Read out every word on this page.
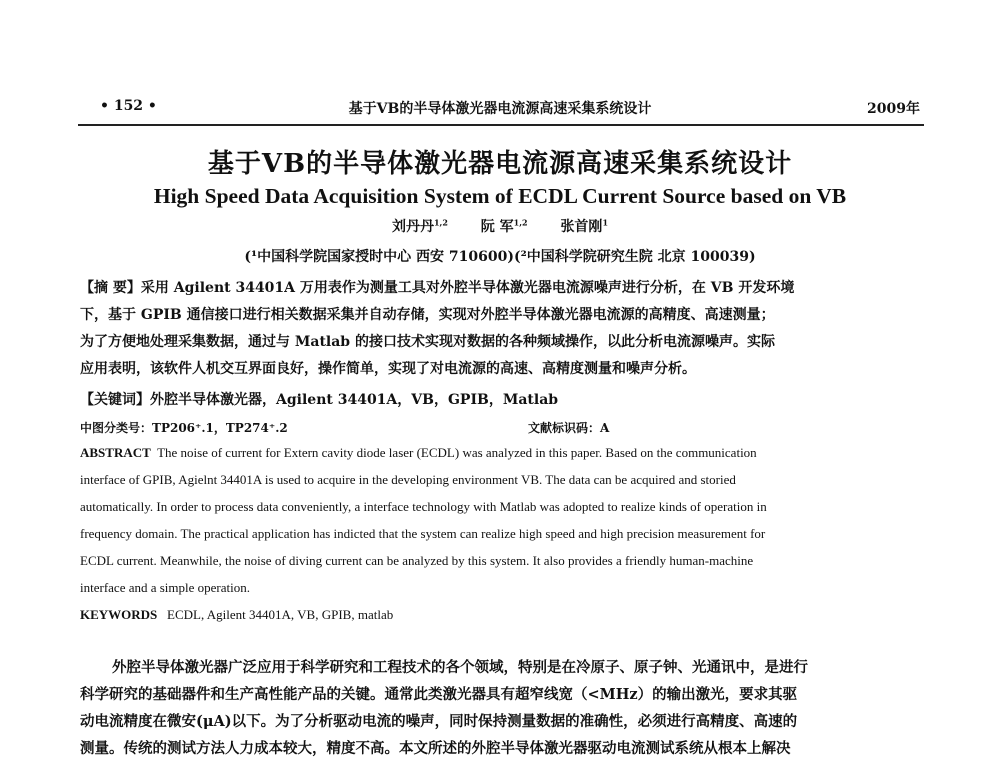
• 152 •	基于VB的半导体激光器电流源高速采集系统设计	2009年
基于VB的半导体激光器电流源高速采集系统设计
High Speed Data Acquisition System of ECDL Current Source based on VB
刘丹丹$^{1,2}$ 阮 军$^{1,2}$ 张首刚$^1$
(¹中国科学院国家授时中心 西安 710600)(²中国科学院研究生院 北京 100039)
【摘 要】采用 Agilent 34401A 万用表作为测量工具对外腔半导体激光器电流源噪声进行分析，在 VB 开发环境
下，基于 GPIB 通信接口进行相关数据采集并自动存储，实现对外腔半导体激光器电流源的高精度、高速测量；
为了方便地处理采集数据，通过与 Matlab 的接口技术实现对数据的各种频域操作，以此分析电流源噪声。实际
应用表明，该软件人机交互界面良好，操作简单，实现了对电流源的高速、高精度测量和噪声分析。
【关键词】外腔半导体激光器，Agilent 34401A，VB，GPIB，Matlab
中图分类号：TP206⁺.1，TP274⁺.2	文献标识码：A
ABSTRACT The noise of current for Extern cavity diode laser (ECDL) was analyzed in this paper. Based on the communication
interface of GPIB, Agielnt 34401A is used to acquire in the developing environment VB. The data can be acquired and storied
automatically. In order to process data conveniently, a interface technology with Matlab was adopted to realize kinds of operation in
frequency domain. The practical application has indicted that the system can realize high speed and high precision measurement for
ECDL current. Meanwhile, the noise of diving current can be analyzed by this system. It also provides a friendly human-machine
interface and a simple operation.
KEYWORDS ECDL, Agilent 34401A, VB, GPIB, matlab
外腔半导体激光器广泛应用于科学研究和工程技术的各个领域，特别是在冷原子、原子钟、光通讯中，是进行
科学研究的基础器件和生产高性能产品的关键。通常此类激光器具有超窄线宽（<MHz）的输出激光，要求其驱
动电流精度在微安(μA)以下。为了分析驱动电流的噪声，同时保持测量数据的准确性，必须进行高精度、高速的
测量。传统的测试方法人力成本较大，精度不高。本文所述的外腔半导体激光器驱动电流测试系统从根本上解决
